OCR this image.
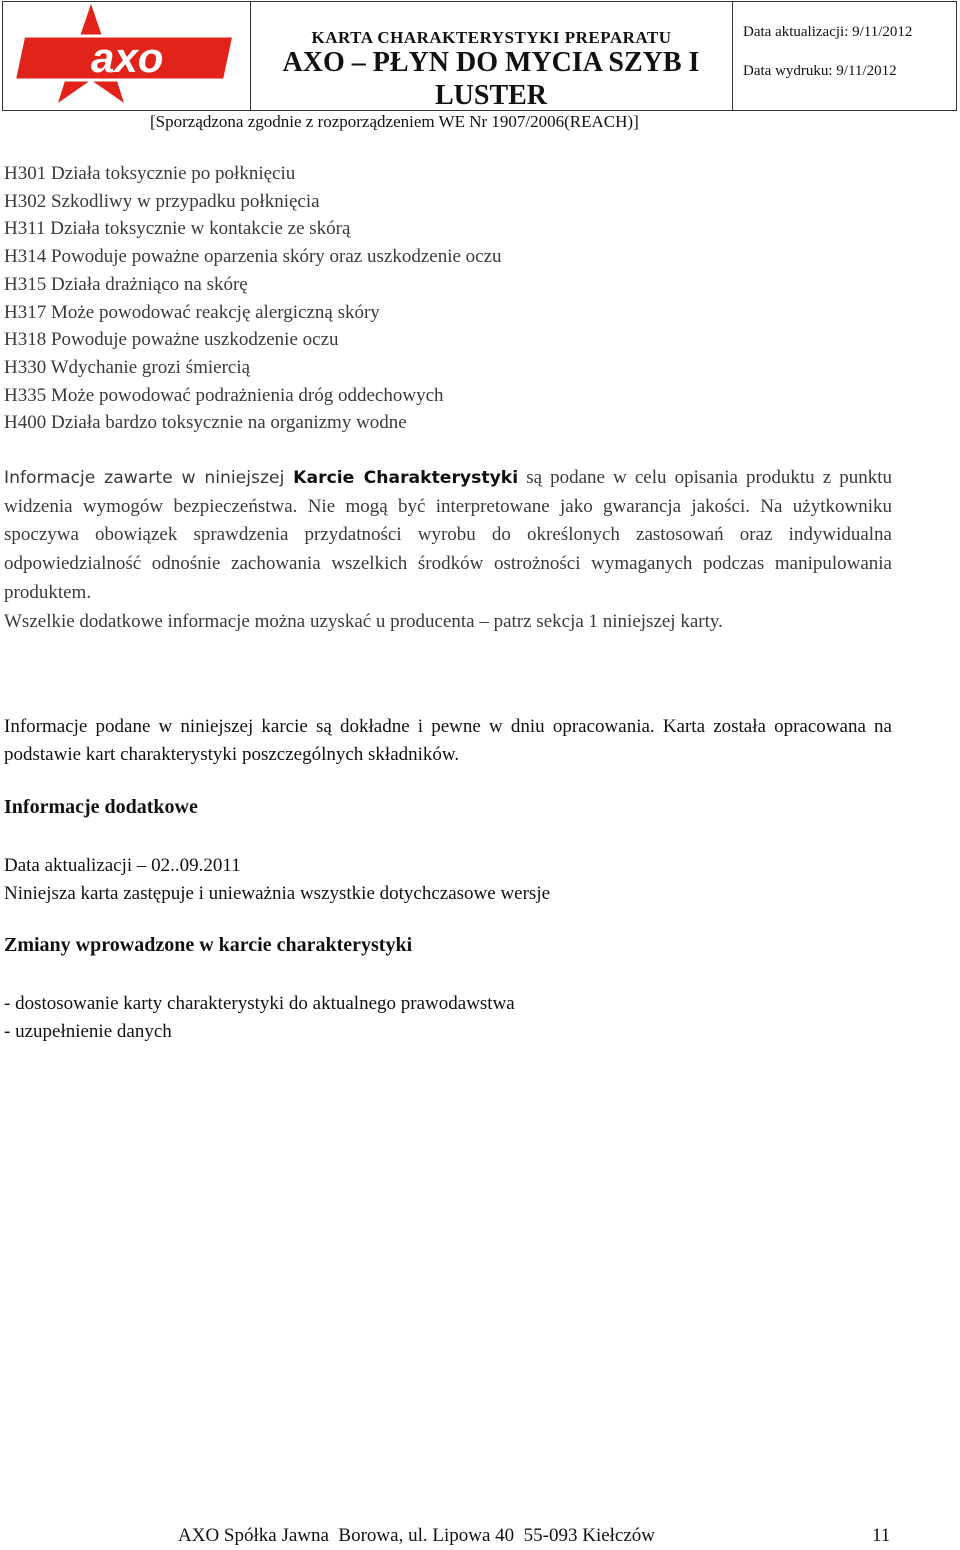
axo	KARTA CHARAKTERYSTYKI PREPARATU
AXO – PŁYN DO MYCIA SZYB I LUSTER
Data aktualizacji: 9/11/2012
Data wydruku: 9/11/2012
[Sporządzona zgodnie z rozporządzeniem WE Nr 1907/2006(REACH)]
H301 Działa toksycznie po połknięciu
H302 Szkodliwy w przypadku połknięcia
H311 Działa toksycznie w kontakcie ze skórą
H314 Powoduje poważne oparzenia skóry oraz uszkodzenie oczu
H315 Działa drażniąco na skórę
H317 Może powodować reakcję alergiczną skóry
H318 Powoduje poważne uszkodzenie oczu
H330 Wdychanie grozi śmiercią
H335 Może powodować podrażnienia dróg oddechowych
H400 Działa bardzo toksycznie na organizmy wodne

Informacje zawarte w niniejszej Karcie Charakterystyki są podane w celu opisania produktu z punktu widzenia wymogów bezpieczeństwa. Nie mogą być interpretowane jako gwarancja jakości. Na użytkowniku spoczywa obowiązek sprawdzenia przydatności wyrobu do określonych zastosowań oraz indywidualna odpowiedzialność odnośnie zachowania wszelkich środków ostrożności wymaganych podczas manipulowania produktem.
Wszelkie dodatkowe informacje można uzyskać u producenta – patrz sekcja 1 niniejszej karty.

Informacje podane w niniejszej karcie są dokładne i pewne w dniu opracowania. Karta została opracowana na podstawie kart charakterystyki poszczególnych składników.

Informacje dodatkowe
Data aktualizacji – 02..09.2011
Niniejsza karta zastępuje i unieważnia wszystkie dotychczasowe wersje
Zmiany wprowadzone w karcie charakterystyki
- dostosowanie karty charakterystyki do aktualnego prawodawstwa
- uzupełnienie danych
AXO Spółka Jawna  Borowa, ul. Lipowa 40  55-093 Kiełczów	11
